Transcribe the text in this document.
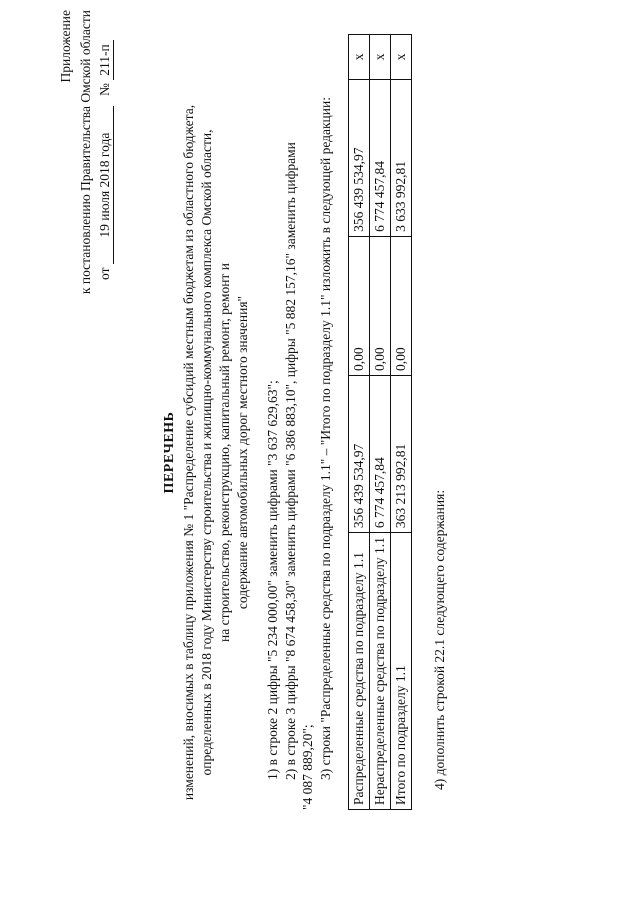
Приложение к постановлению Правительства Омской области от 19 июля 2018 года   № 211-п
ПЕРЕЧЕНЬ изменений, вносимых в таблицу приложения № 1 "Распределение субсидий местным бюджетам из областного бюджета, определенных в 2018 году Министерству строительства и жилищно-коммунального комплекса Омской области, на строительство, реконструкцию, капитальный ремонт, ремонт и содержание автомобильных дорог местного значения" 1) в строке 2 цифры "5 234 000,00" заменить цифрами "3 637 629,63"; 2) в строке 3 цифры "8 674 458,30" заменить цифрами "6 386 883,10", цифры "5 882 157,16" заменить цифрами "4 087 889,20"; 3) строки "Распределенные средства по подразделу 1.1" – "Итого по подразделу 1.1" изложить в следующей редакции: Распределенные средства по подразделу 1.1	356 439 534,97	0,00	356 439 534,97	x
Нераспределенные средства по подразделу 1.1	6 774 457,84	0,00	6 774 457,84	x
Итого по подразделу 1.1	363 213 992,81	0,00	3 633 992,81	x
4) дополнить строкой 22.1 следующего содержания:
